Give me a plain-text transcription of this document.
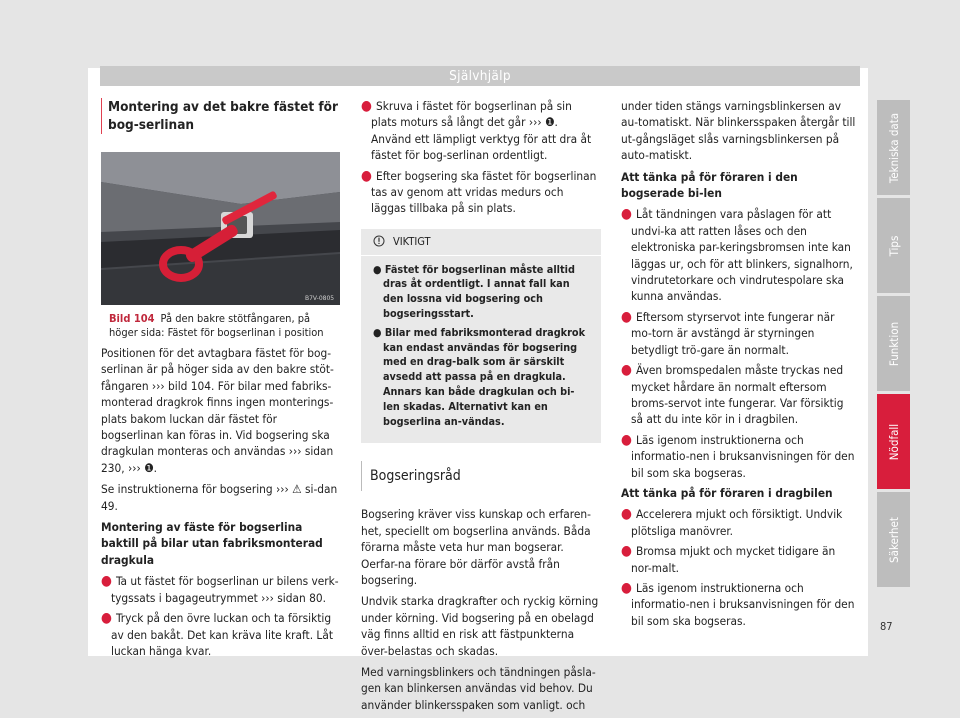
Självhjälp
Montering av det bakre fästet för bog-serlinan
B7V-0805

Bild 104 På den bakre stötfångaren, på höger sida: Fästet för bogserlinan i position

Positionen för det avtagbara fästet för bog-serlinan är på höger sida av den bakre stöt-fångaren ››› bild 104. För bilar med fabriks-monterad dragkrok finns ingen monterings-plats bakom luckan där fästet för bogserlinan kan föras in. Vid bogsering ska dragkulan monteras och användas ››› sidan 230, ››› ❶.

Se instruktionerna för bogsering ››› ⚠ si-dan 49.

Montering av fäste för bogserlina baktill på bilar utan fabriksmonterad dragkula

● Ta ut fästet för bogserlinan ur bilens verk-tygssats i bagageutrymmet ››› sidan 80.

● Tryck på den övre luckan och ta försiktig av den bakåt. Det kan kräva lite kraft. Låt luckan hänga kvar.

● Skruva i fästet för bogserlinan på sin plats moturs så långt det går ››› ❶. Använd ett lämpligt verktyg för att dra åt fästet för bog-serlinan ordentligt.

● Efter bogsering ska fästet för bogserlinan tas av genom att vridas medurs och läggas tillbaka på sin plats.

VIKTIGT

● Fästet för bogserlinan måste alltid dras åt ordentligt. I annat fall kan den lossna vid bogsering och bogseringsstart.

● Bilar med fabriksmonterad dragkrok kan endast användas för bogsering med en drag-balk som är särskilt avsedd att passa på en dragkula. Annars kan både dragkulan och bi-len skadas. Alternativt kan en bogserlina an-vändas.

Bogseringsråd

Bogsering kräver viss kunskap och erfaren-het, speciellt om bogserlina används. Båda förarna måste veta hur man bogserar. Oerfar-na förare bör därför avstå från bogsering.

Undvik starka dragkrafter och ryckig körning under körning. Vid bogsering på en obelagd väg finns alltid en risk att fästpunkterna över-belastas och skadas.

Med varningsblinkers och tändningen påsla-gen kan blinkersen användas vid behov. Du använder blinkersspaken som vanligt. och

under tiden stängs varningsblinkersen av au-tomatiskt. När blinkersspaken återgår till ut-gångsläget slås varningsblinkersen på auto-matiskt.

Att tänka på för föraren i den bogserade bi-len

● Låt tändningen vara påslagen för att undvi-ka att ratten låses och den elektroniska par-keringsbromsen inte kan läggas ur, och för att blinkers, signalhorn, vindrutetorkare och vindrutespolare ska kunna användas.

● Eftersom styrservot inte fungerar när mo-torn är avstängd är styrningen betydligt trö-gare än normalt.

● Även bromspedalen måste tryckas ned mycket hårdare än normalt eftersom broms-servot inte fungerar. Var försiktig så att du inte kör in i dragbilen.

● Läs igenom instruktionerna och informatio-nen i bruksanvisningen för den bil som ska bogseras.

Att tänka på för föraren i dragbilen

● Accelerera mjukt och försiktigt. Undvik plötsliga manövrer.

● Bromsa mjukt och mycket tidigare än nor-malt.

● Läs igenom instruktionerna och informatio-nen i bruksanvisningen för den bil som ska bogseras.

Tekniska data
Tips
Funktion
Nödfall
Säkerhet
87
